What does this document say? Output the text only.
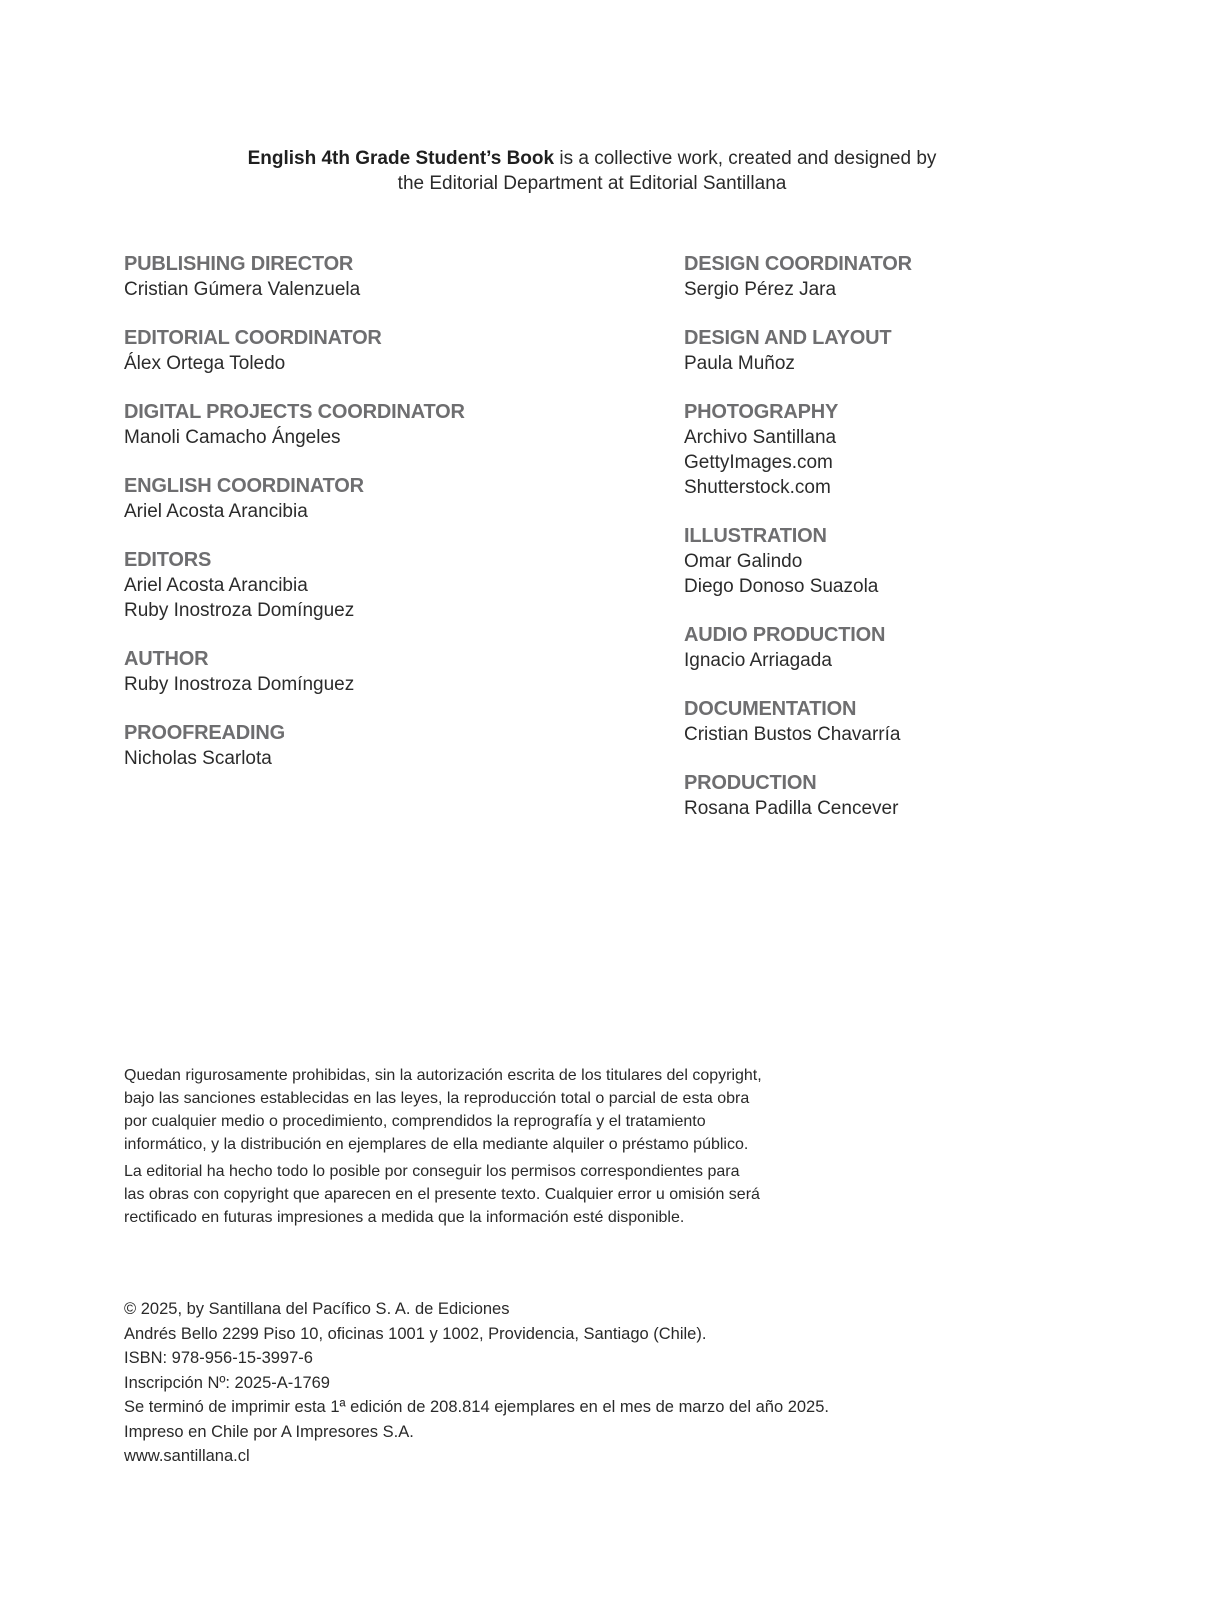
English 4th Grade Student’s Book is a collective work, created and designed by
the Editorial Department at Editorial Santillana
PUBLISHING DIRECTOR
Cristian Gúmera Valenzuela
EDITORIAL COORDINATOR
Álex Ortega Toledo
DIGITAL PROJECTS COORDINATOR
Manoli Camacho Ángeles
ENGLISH COORDINATOR
Ariel Acosta Arancibia
EDITORS
Ariel Acosta Arancibia
Ruby Inostroza Domínguez
AUTHOR
Ruby Inostroza Domínguez
PROOFREADING
Nicholas Scarlota
DESIGN COORDINATOR
Sergio Pérez Jara
DESIGN AND LAYOUT
Paula Muñoz
PHOTOGRAPHY
Archivo Santillana
GettyImages.com
Shutterstock.com
ILLUSTRATION
Omar Galindo
Diego Donoso Suazola
AUDIO PRODUCTION
Ignacio Arriagada
DOCUMENTATION
Cristian Bustos Chavarría
PRODUCTION
Rosana Padilla Cencever

Quedan rigurosamente prohibidas, sin la autorización escrita de los titulares del copyright,
bajo las sanciones establecidas en las leyes, la reproducción total o parcial de esta obra
por cualquier medio o procedimiento, comprendidos la reprografía y el tratamiento
informático, y la distribución en ejemplares de ella mediante alquiler o préstamo público.

La editorial ha hecho todo lo posible por conseguir los permisos correspondientes para
las obras con copyright que aparecen en el presente texto. Cualquier error u omisión será
rectificado en futuras impresiones a medida que la información esté disponible.

© 2025, by Santillana del Pacífico S. A. de Ediciones
Andrés Bello 2299 Piso 10, oficinas 1001 y 1002, Providencia, Santiago (Chile).
ISBN: 978-956-15-3997-6
Inscripción Nº: 2025-A-1769
Se terminó de imprimir esta 1ª edición de 208.814 ejemplares en el mes de marzo del año 2025.
Impreso en Chile por A Impresores S.A.
www.santillana.cl
